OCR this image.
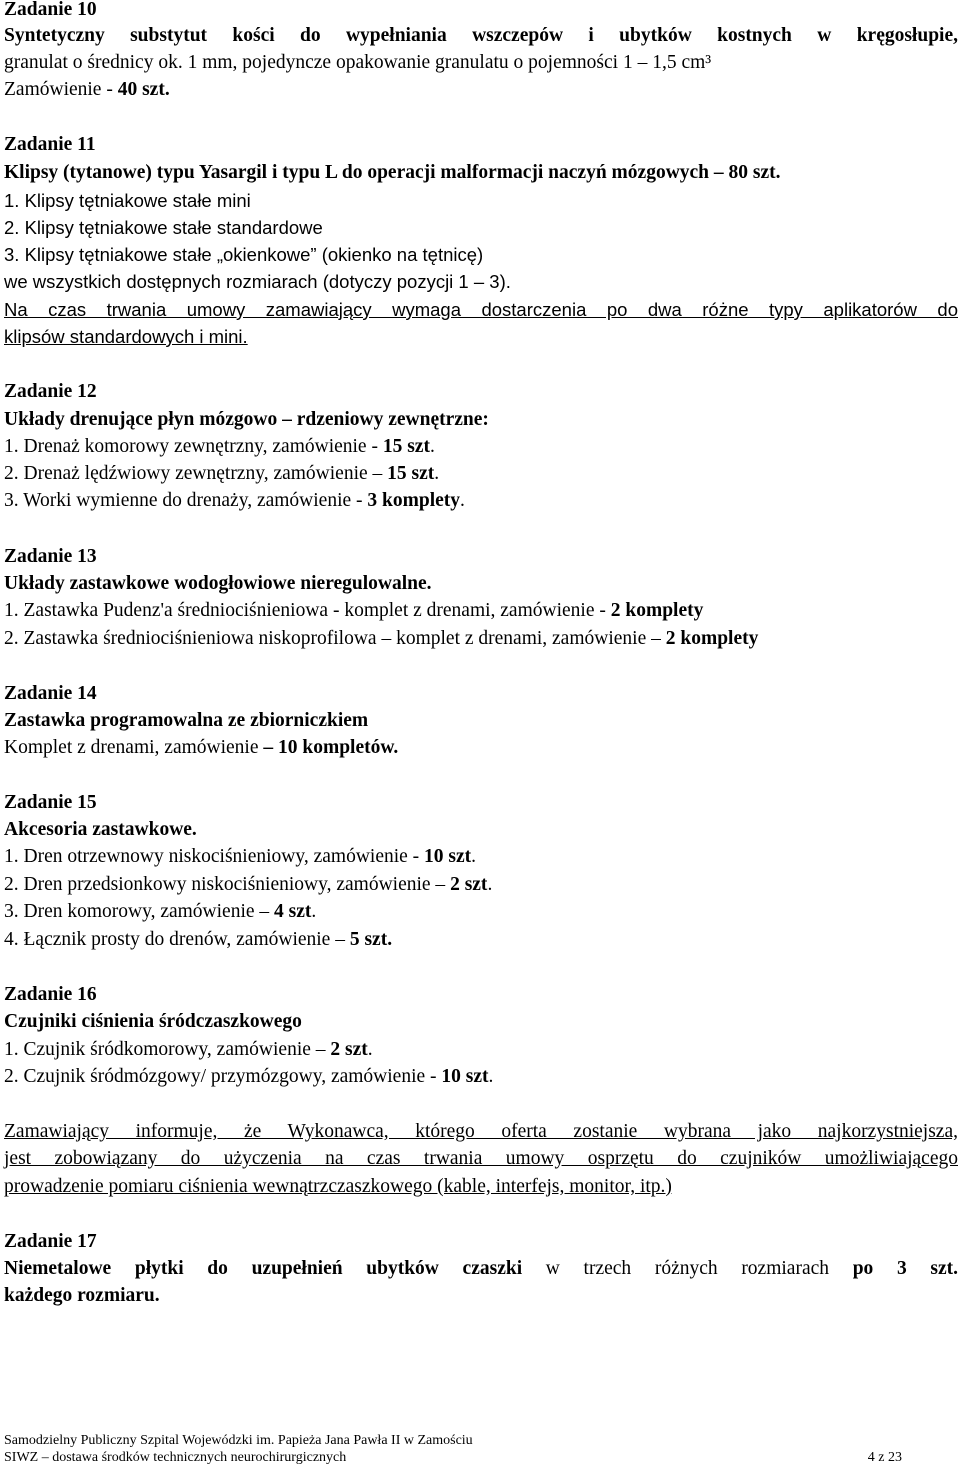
Zadanie 10
Syntetyczny substytut kości do wypełniania wszczepów i ubytków kostnych w kręgosłupie,
granulat o średnicy ok. 1 mm, pojedyncze opakowanie granulatu o pojemności 1 – 1,5 cm³
Zamówienie - 40 szt.
Zadanie 11
Klipsy (tytanowe) typu Yasargil i typu L do operacji malformacji naczyń mózgowych – 80 szt.
1. Klipsy tętniakowe stałe mini
2. Klipsy tętniakowe stałe standardowe
3. Klipsy tętniakowe stałe „okienkowe” (okienko na tętnicę)
we wszystkich dostępnych rozmiarach (dotyczy pozycji 1 – 3).
Na czas trwania umowy zamawiający wymaga dostarczenia po dwa różne typy aplikatorów do
klipsów standardowych i mini.
Zadanie 12
Układy drenujące płyn mózgowo – rdzeniowy zewnętrzne:
1. Drenaż komorowy zewnętrzny, zamówienie - 15 szt.
2. Drenaż lędźwiowy zewnętrzny, zamówienie – 15 szt.
3. Worki wymienne do drenaży, zamówienie - 3 komplety.
Zadanie 13
Układy zastawkowe wodogłowiowe nieregulowalne.
1. Zastawka Pudenz'a średniociśnieniowa - komplet z drenami, zamówienie - 2 komplety
2. Zastawka średniociśnieniowa niskoprofilowa – komplet z drenami, zamówienie – 2 komplety
Zadanie 14
Zastawka programowalna ze zbiorniczkiem
Komplet z drenami, zamówienie – 10 kompletów.
Zadanie 15
Akcesoria zastawkowe.
1. Dren otrzewnowy niskociśnieniowy, zamówienie - 10 szt.
2. Dren przedsionkowy niskociśnieniowy, zamówienie – 2 szt.
3. Dren komorowy, zamówienie – 4 szt.
4. Łącznik prosty do drenów, zamówienie – 5 szt.
Zadanie 16
Czujniki ciśnienia śródczaszkowego
1. Czujnik śródkomorowy, zamówienie – 2 szt.
2. Czujnik śródmózgowy/ przymózgowy, zamówienie - 10 szt.
Zamawiający informuje, że Wykonawca, którego oferta zostanie wybrana jako najkorzystniejsza,
jest zobowiązany do użyczenia na czas trwania umowy osprzętu do czujników umożliwiającego
prowadzenie pomiaru ciśnienia wewnątrzczaszkowego (kable, interfejs, monitor, itp.)
Zadanie 17
Niemetalowe płytki do uzupełnień ubytków czaszki w trzech różnych rozmiarach po 3 szt.
każdego rozmiaru.
Samodzielny Publiczny Szpital Wojewódzki im. Papieża Jana Pawła II w Zamościu
SIWZ – dostawa środków technicznych neurochirurgicznych	4 z 23
